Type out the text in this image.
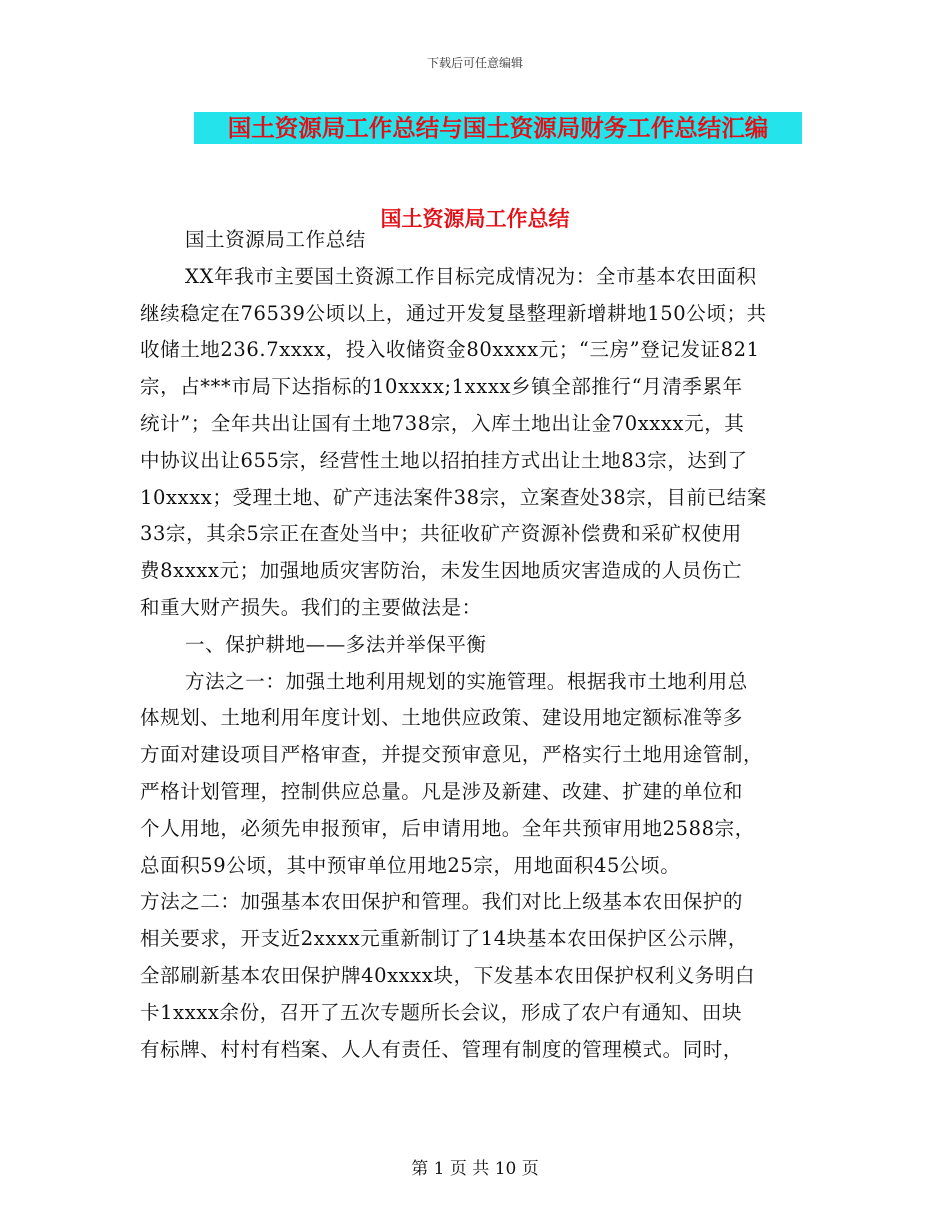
下载后可任意编辑
国土资源局工作总结与国土资源局财务工作总结汇编
国土资源局工作总结
国土资源局工作总结
XX年我市主要国土资源工作目标完成情况为：全市基本农田面积
继续稳定在76539公顷以上，通过开发复垦整理新增耕地150公顷；共
收储土地236.7xxxx，投入收储资金80xxxx元；“三房”登记发证821
宗，占***市局下达指标的10xxxx;1xxxx乡镇全部推行“月清季累年
统计”；全年共出让国有土地738宗，入库土地出让金70xxxx元，其
中协议出让655宗，经营性土地以招拍挂方式出让土地83宗，达到了
10xxxx；受理土地、矿产违法案件38宗，立案查处38宗，目前已结案
33宗，其余5宗正在查处当中；共征收矿产资源补偿费和采矿权使用
费8xxxx元；加强地质灾害防治，未发生因地质灾害造成的人员伤亡
和重大财产损失。我们的主要做法是：
一、保护耕地——多法并举保平衡
方法之一：加强土地利用规划的实施管理。根据我市土地利用总
体规划、土地利用年度计划、土地供应政策、建设用地定额标准等多
方面对建设项目严格审查，并提交预审意见，严格实行土地用途管制，
严格计划管理，控制供应总量。凡是涉及新建、改建、扩建的单位和
个人用地，必须先申报预审，后申请用地。全年共预审用地2588宗，
总面积59公顷，其中预审单位用地25宗，用地面积45公顷。
方法之二：加强基本农田保护和管理。我们对比上级基本农田保护的
相关要求，开支近2xxxx元重新制订了14块基本农田保护区公示牌，
全部刷新基本农田保护牌40xxxx块，下发基本农田保护权利义务明白
卡1xxxx余份，召开了五次专题所长会议，形成了农户有通知、田块
有标牌、村村有档案、人人有责任、管理有制度的管理模式。同时，
第 1 页 共 10 页
